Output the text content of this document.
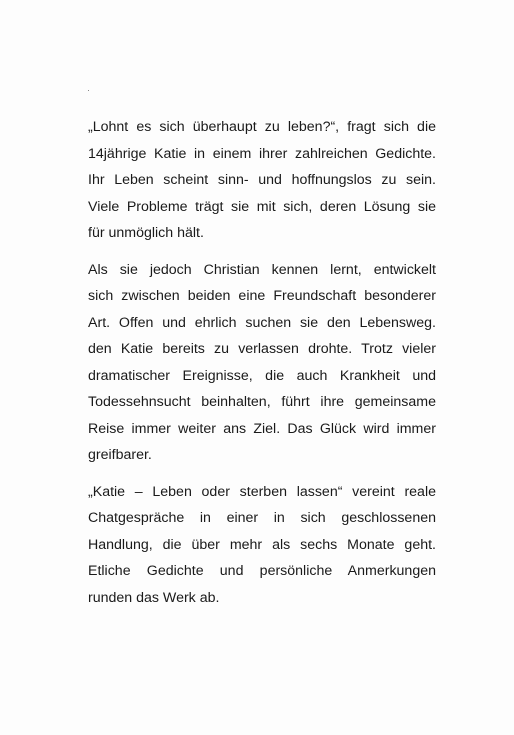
„Lohnt es sich überhaupt zu leben?“, fragt sich die
14jährige Katie in einem ihrer zahlreichen Gedichte.
Ihr Leben scheint sinn- und hoffnungslos zu sein.
Viele Probleme trägt sie mit sich, deren Lösung sie
für unmöglich hält.

Als sie jedoch Christian kennen lernt, entwickelt
sich zwischen beiden eine Freundschaft besonderer
Art. Offen und ehrlich suchen sie den Lebensweg.
den Katie bereits zu verlassen drohte. Trotz vieler
dramatischer Ereignisse, die auch Krankheit und
Todessehnsucht beinhalten, führt ihre gemeinsame
Reise immer weiter ans Ziel. Das Glück wird immer
greifbarer.

„Katie – Leben oder sterben lassen“ vereint reale
Chatgespräche in einer in sich geschlossenen
Handlung, die über mehr als sechs Monate geht.
Etliche Gedichte und persönliche Anmerkungen
runden das Werk ab.
